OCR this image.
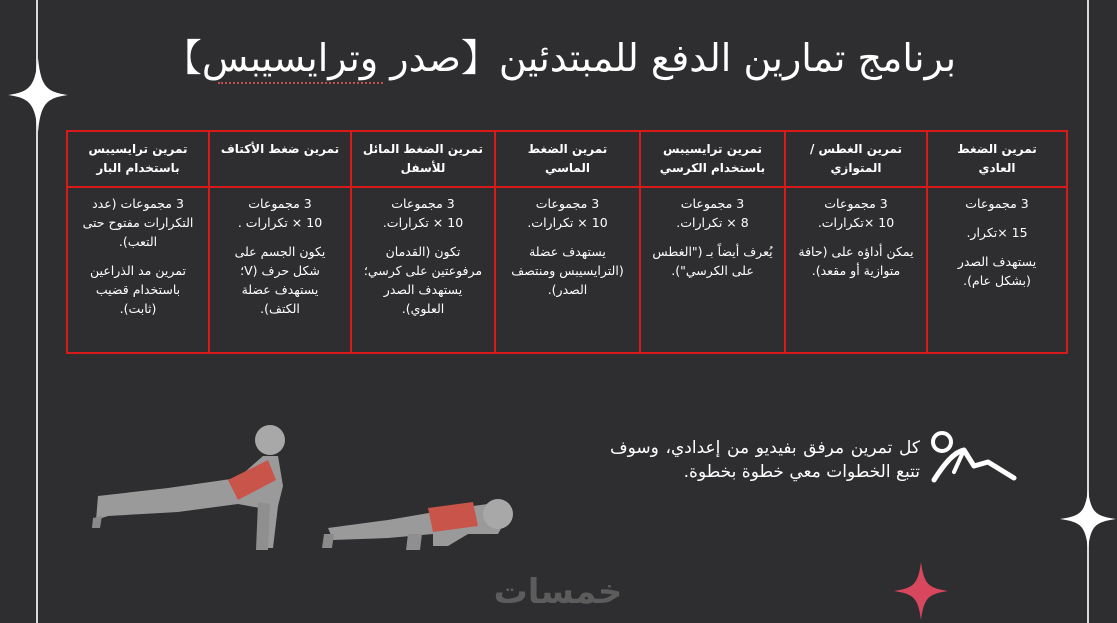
برنامج تمارين الدفع للمبتدئين【صدر وترايسيبس】
تمرين الضغط العادي	تمرين الغطس / المتوازي	تمرين ترايسيبس باستخدام الكرسي	تمرين الضغط الماسي	تمرين الضغط المائل للأسفل	تمرين ضغط الأكتاف	تمرين ترايسيبس باستخدام البار

3 مجموعات
15 ×تكرار.
يستهدف الصدر (بشكل عام).	3 مجموعات
10 ×تكرارات.
يمكن أداؤه على (حافة متوازية أو مقعد).	3 مجموعات
8 × تكرارات.
يُعرف أيضاً بـ ("الغطس على الكرسي").	3 مجموعات
10 × تكرارات.
يستهدف عضلة (الترايسيبس ومنتصف الصدر).	3 مجموعات
10 × تكرارات.
تكون (القدمان مرفوعتين على كرسي؛ يستهدف الصدر العلوي).	3 مجموعات
10 × تكرارات .
يكون الجسم على شكل حرف (V؛ يستهدف عضلة الكتف).	3 مجموعات (عدد
التكرارات مفتوح حتى التعب).
تمرين مد الذراعين باستخدام قضيب (ثابت).
كل تمرين مرفق بفيديو من إعدادي، وسوف تتبع الخطوات معي خطوة بخطوة.
خمسات
